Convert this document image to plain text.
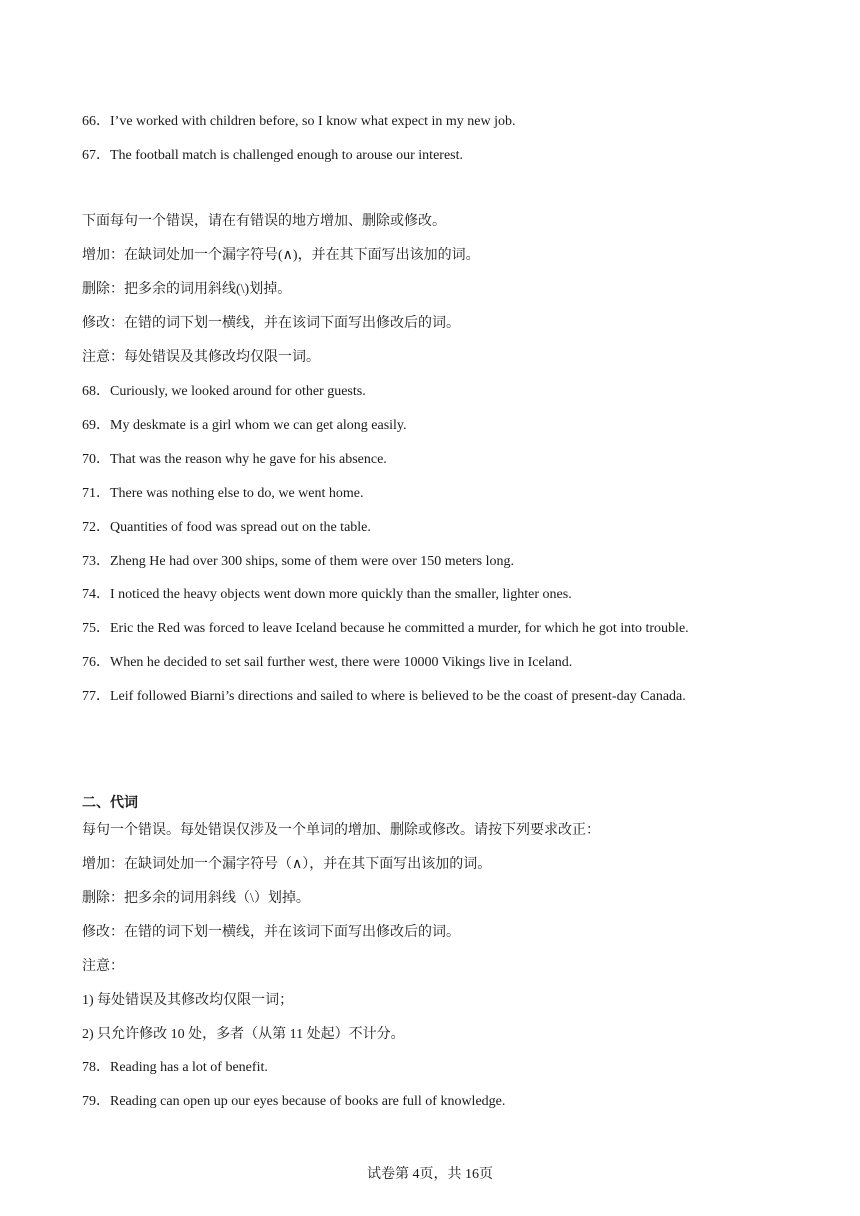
66．I’ve worked with children before, so I know what expect in my new job.
67．The football match is challenged enough to arouse our interest.
下面每句一个错误，请在有错误的地方增加、删除或修改。
增加：在缺词处加一个漏字符号(∧)，并在其下面写出该加的词。
删除：把多余的词用斜线(\)划掉。
修改：在错的词下划一横线，并在该词下面写出修改后的词。
注意：每处错误及其修改均仅限一词。
68．Curiously, we looked around for other guests.
69．My deskmate is a girl whom we can get along easily.
70．That was the reason why he gave for his absence.
71．There was nothing else to do, we went home.
72．Quantities of food was spread out on the table.
73．Zheng He had over 300 ships, some of them were over 150 meters long.
74．I noticed the heavy objects went down more quickly than the smaller, lighter ones.
75．Eric the Red was forced to leave Iceland because he committed a murder, for which he got into trouble.
76．When he decided to set sail further west, there were 10000 Vikings live in Iceland.
77．Leif followed Biarni’s directions and sailed to where is believed to be the coast of present-day Canada.
二、代词
每句一个错误。每处错误仅涉及一个单词的增加、删除或修改。请按下列要求改正：
增加：在缺词处加一个漏字符号（∧），并在其下面写出该加的词。
删除：把多余的词用斜线（\）划掉。
修改：在错的词下划一横线，并在该词下面写出修改后的词。
注意：
1) 每处错误及其修改均仅限一词；
2) 只允许修改 10 处，多者（从第 11 处起）不计分。
78．Reading has a lot of benefit.
79．Reading can open up our eyes because of books are full of knowledge.
试卷第 4页，共 16页
